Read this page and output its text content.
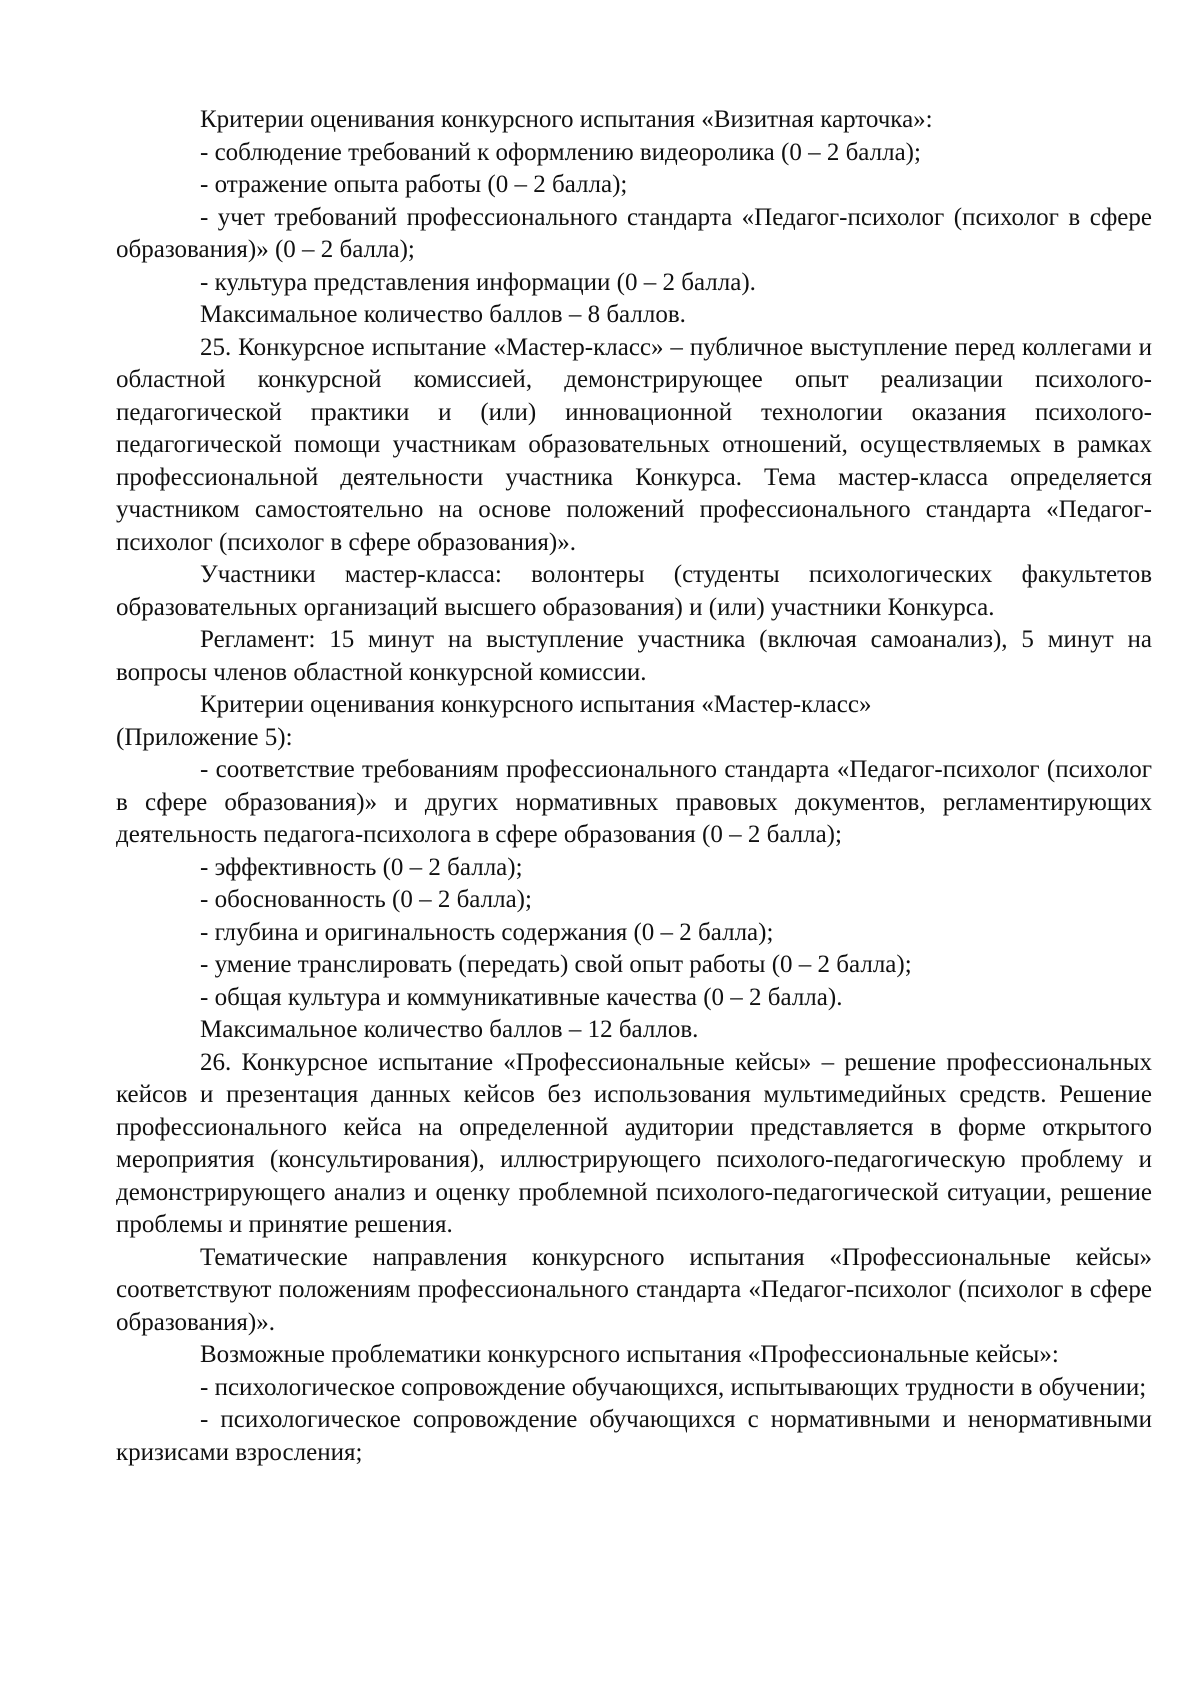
Критерии оценивания конкурсного испытания «Визитная карточка»:

- соблюдение требований к оформлению видеоролика (0 – 2 балла);

- отражение опыта работы (0 – 2 балла);

- учет требований профессионального стандарта «Педагог-психолог (психолог в сфере образования)» (0 – 2 балла);

- культура представления информации (0 – 2 балла).

Максимальное количество баллов – 8 баллов.

25. Конкурсное испытание «Мастер-класс» – публичное выступление перед коллегами и областной конкурсной комиссией, демонстрирующее опыт реализации психолого-педагогической практики и (или) инновационной технологии оказания психолого-педагогической помощи участникам образовательных отношений, осуществляемых в рамках профессиональной деятельности участника Конкурса. Тема мастер-класса определяется участником самостоятельно на основе положений профессионального стандарта «Педагог-психолог (психолог в сфере образования)».

Участники мастер-класса: волонтеры (студенты психологических факультетов образовательных организаций высшего образования) и (или) участники Конкурса.

Регламент: 15 минут на выступление участника (включая самоанализ), 5 минут на вопросы членов областной конкурсной комиссии.

Критерии оценивания конкурсного испытания «Мастер-класс»

(Приложение 5):

- соответствие требованиям профессионального стандарта «Педагог-психолог (психолог в сфере образования)» и других нормативных правовых документов, регламентирующих деятельность педагога-психолога в сфере образования (0 – 2 балла);

- эффективность (0 – 2 балла);

- обоснованность (0 – 2 балла);

- глубина и оригинальность содержания (0 – 2 балла);

- умение транслировать (передать) свой опыт работы (0 – 2 балла);

- общая культура и коммуникативные качества (0 – 2 балла).

Максимальное количество баллов – 12 баллов.

26. Конкурсное испытание «Профессиональные кейсы» – решение профессиональных кейсов и презентация данных кейсов без использования мультимедийных средств. Решение профессионального кейса на определенной аудитории представляется в форме открытого мероприятия (консультирования), иллюстрирующего психолого-педагогическую проблему и демонстрирующего анализ и оценку проблемной психолого-педагогической ситуации, решение проблемы и принятие решения.

Тематические направления конкурсного испытания «Профессиональные кейсы» соответствуют положениям профессионального стандарта «Педагог-психолог (психолог в сфере образования)».

Возможные проблематики конкурсного испытания «Профессиональные кейсы»:

- психологическое сопровождение обучающихся, испытывающих трудности в обучении;

- психологическое сопровождение обучающихся с нормативными и ненормативными кризисами взросления;
